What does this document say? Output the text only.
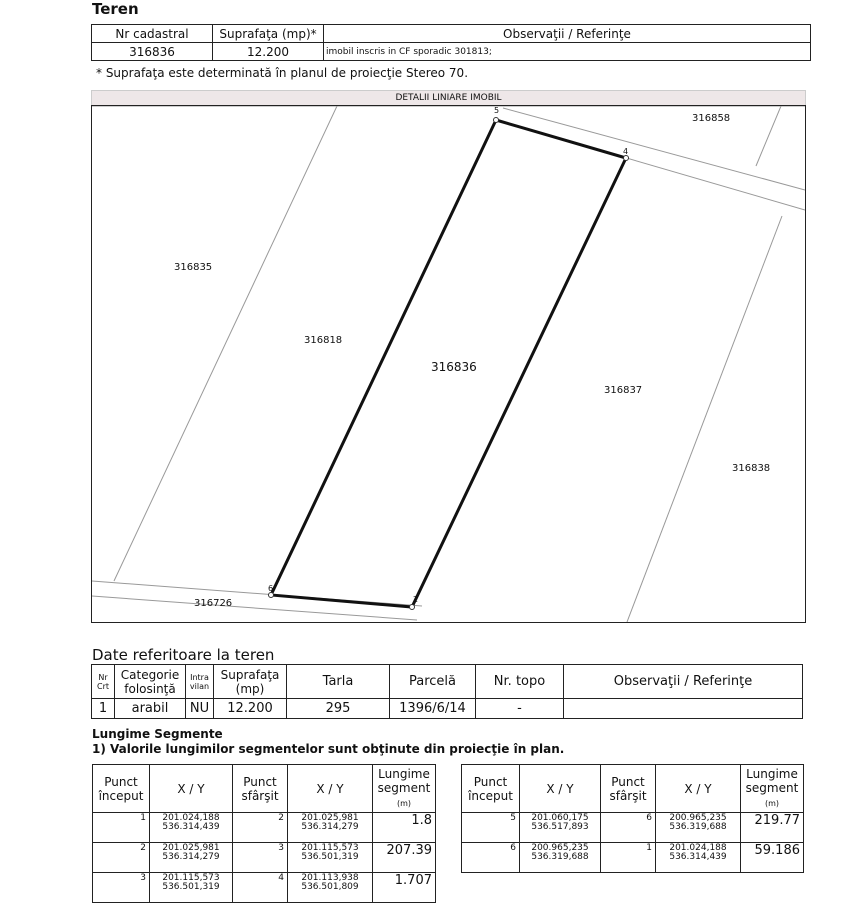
Teren
Nr cadastral	Suprafaţa (mp)*	Observaţii / Referinţe
316836	12.200	imobil inscris in CF sporadic 301813;
* Suprafaţa este determinată în planul de proiecţie Stereo 70.
DETALII LINIARE IMOBIL
5
4
6
2
316858
316835
316818
316836
316837
316838
316726
Date referitoare la teren
Nr Crt	Categorie folosinţă	Intra vilan	Suprafaţa (mp)	Tarla	Parcelă	Nr. topo	Observaţii / Referinţe
1	arabil	NU	12.200	295	1396/6/14	-	
Lungime Segmente
1) Valorile lungimilor segmentelor sunt obţinute din proiecţie în plan.
Punct început	X / Y	Punct sfârşit	X / Y	Lungime segment
(m)
1	201.024,188
536.314,439	2	201.025,981
536.314,279	1.8
2	201.025,981
536.314,279	3	201.115,573
536.501,319	207.39
3	201.115,573
536.501,319	4	201.113,938
536.501,809	1.707
Punct început	X / Y	Punct sfârşit	X / Y	Lungime segment
(m)
5	201.060,175
536.517,893	6	200.965,235
536.319,688	219.77
6	200.965,235
536.319,688	1	201.024,188
536.314,439	59.186
